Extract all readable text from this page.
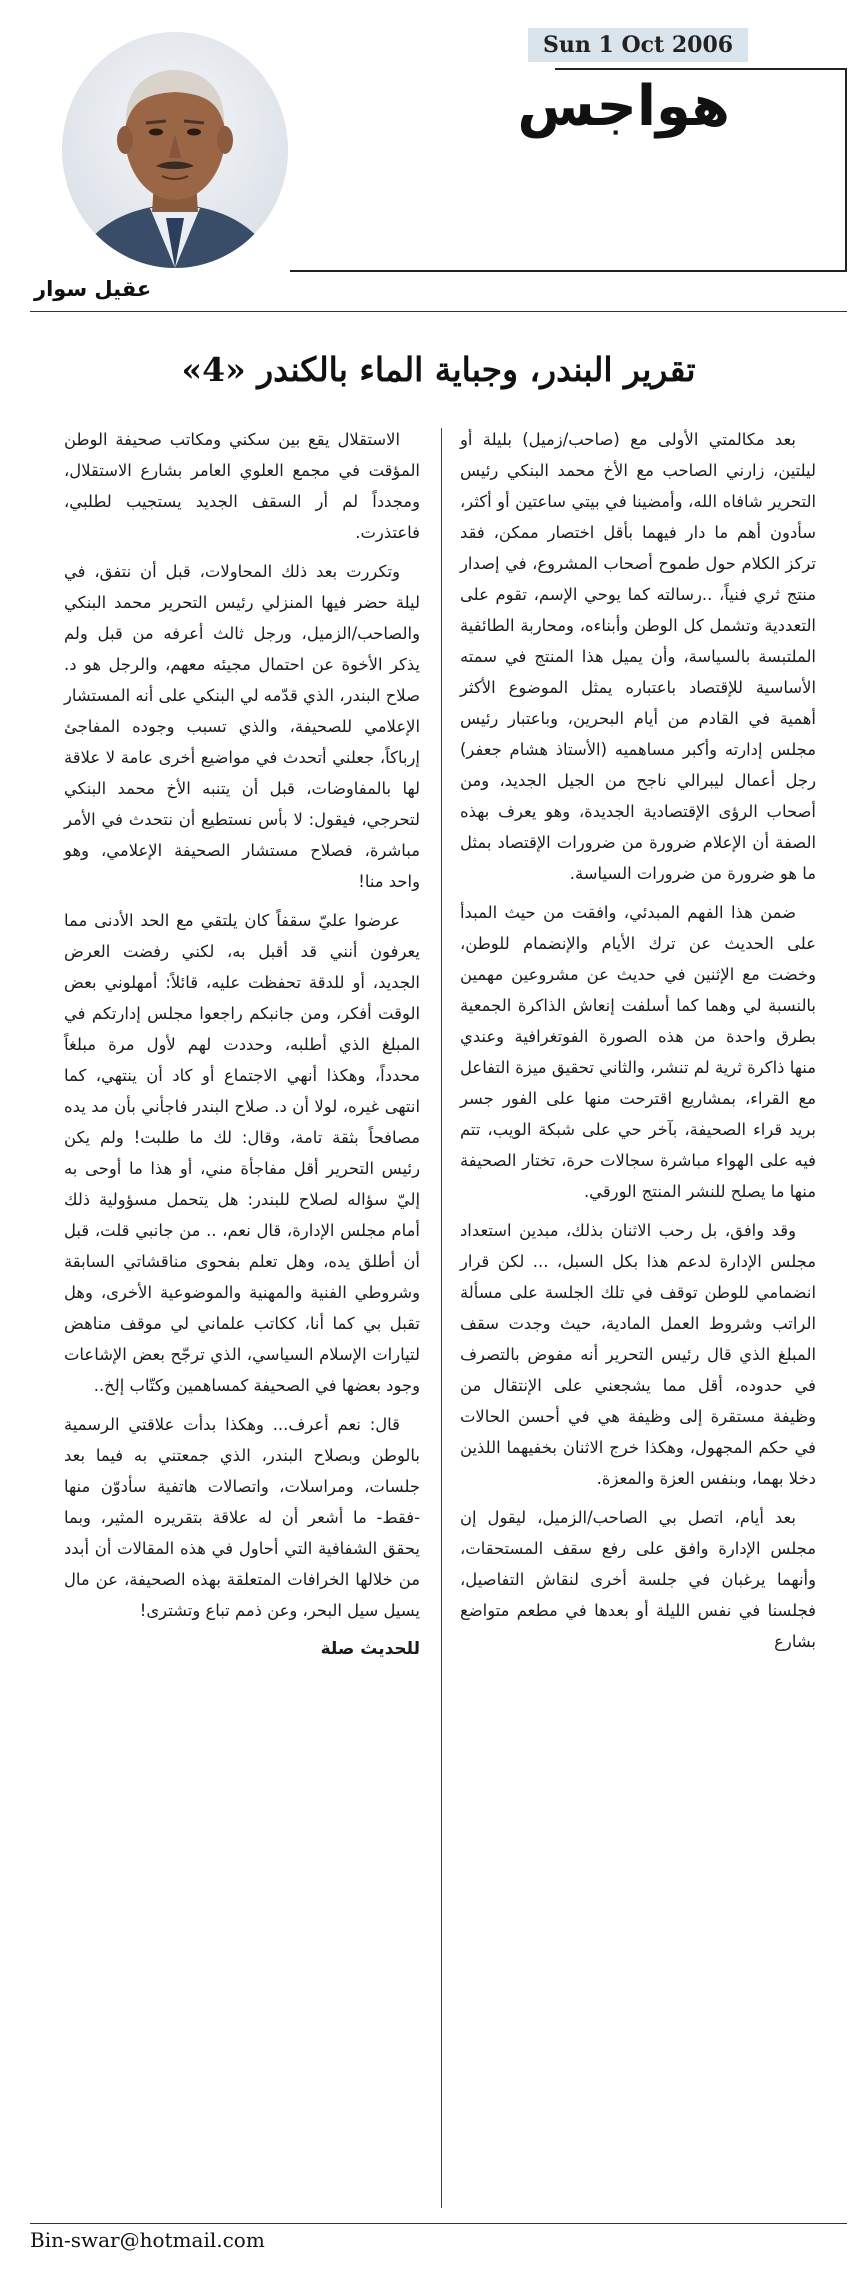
Sun 1 Oct 2006
هواجس
عقيل سوار
تقرير البندر، وجباية الماء بالكندر «4»

بعد مكالمتي الأولى مع (صاحب/زميل) بليلة أو ليلتين، زارني الصاحب مع الأخ محمد البنكي رئيس التحرير شافاه الله، وأمضينا في بيتي ساعتين أو أكثر، سأدون أهم ما دار فيهما بأقل اختصار ممكن، فقد تركز الكلام حول طموح أصحاب المشروع، في إصدار منتج ثري فنياً، ..رسالته كما يوحي الإسم، تقوم على التعددية وتشمل كل الوطن وأبناءه، ومحاربة الطائفية الملتبسة بالسياسة، وأن يميل هذا المنتج في سمته الأساسية للإقتصاد باعتباره يمثل الموضوع الأكثر أهمية في القادم من أيام البحرين، وباعتبار رئيس مجلس إدارته وأكبر مساهميه (الأستاذ هشام جعفر) رجل أعمال ليبرالي ناجح من الجيل الجديد، ومن أصحاب الرؤى الإقتصادية الجديدة، وهو يعرف بهذه الصفة أن الإعلام ضرورة من ضرورات الإقتصاد بمثل ما هو ضرورة من ضرورات السياسة.

ضمن هذا الفهم المبدئي، وافقت من حيث المبدأ على الحديث عن ترك الأيام والإنضمام للوطن، وخضت مع الإثنين في حديث عن مشروعين مهمين بالنسبة لي وهما كما أسلفت إنعاش الذاكرة الجمعية بطرق واحدة من هذه الصورة الفوتغرافية وعندي منها ذاكرة ثرية لم تنشر، والثاني تحقيق ميزة التفاعل مع القراء، بمشاريع اقترحت منها على الفور جسر بريد قراء الصحيفة، بآخر حي على شبكة الويب، تتم فيه على الهواء مباشرة سجالات حرة، تختار الصحيفة منها ما يصلح للنشر المنتج الورقي.

وقد وافق، بل رحب الاثنان بذلك، مبدين استعداد مجلس الإدارة لدعم هذا بكل السبل، ... لكن قرار انضمامي للوطن توقف في تلك الجلسة على مسألة الراتب وشروط العمل المادية، حيث وجدت سقف المبلغ الذي قال رئيس التحرير أنه مفوض بالتصرف في حدوده، أقل مما يشجعني على الإنتقال من وظيفة مستقرة إلى وظيفة هي في أحسن الحالات في حكم المجهول، وهكذا خرج الاثنان بخفيهما اللذين دخلا بهما، وبنفس العزة والمعزة.

بعد أيام، اتصل بي الصاحب/الزميل، ليقول إن مجلس الإدارة وافق على رفع سقف المستحقات، وأنهما يرغبان في جلسة أخرى لنقاش التفاصيل، فجلسنا في نفس الليلة أو بعدها في مطعم متواضع بشارع

الاستقلال يقع بين سكني ومكاتب صحيفة الوطن المؤقت في مجمع العلوي العامر بشارع الاستقلال، ومجدداً لم أر السقف الجديد يستجيب لطلبي، فاعتذرت.

وتكررت بعد ذلك المحاولات، قبل أن نتفق، في ليلة حضر فيها المنزلي رئيس التحرير محمد البنكي والصاحب/الزميل، ورجل ثالث أعرفه من قبل ولم يذكر الأخوة عن احتمال مجيئه معهم، والرجل هو د. صلاح البندر، الذي قدّمه لي البنكي على أنه المستشار الإعلامي للصحيفة، والذي تسبب وجوده المفاجئ إرباكاً، جعلني أتحدث في مواضيع أخرى عامة لا علاقة لها بالمفاوضات، قبل أن يتنبه الأخ محمد البنكي لتحرجي، فيقول: لا بأس نستطيع أن نتحدث في الأمر مباشرة، فصلاح مستشار الصحيفة الإعلامي، وهو واحد منا!

عرضوا عليّ سقفاً كان يلتقي مع الحد الأدنى مما يعرفون أنني قد أقبل به، لكني رفضت العرض الجديد، أو للدقة تحفظت عليه، قائلاً: أمهلوني بعض الوقت أفكر، ومن جانبكم راجعوا مجلس إدارتكم في المبلغ الذي أطلبه، وحددت لهم لأول مرة مبلغاً محدداً، وهكذا أنهي الاجتماع أو كاد أن ينتهي، كما انتهى غيره، لولا أن د. صلاح البندر فاجأني بأن مد يده مصافحاً بثقة تامة، وقال: لك ما طلبت! ولم يكن رئيس التحرير أقل مفاجأة مني، أو هذا ما أوحى به إليّ سؤاله لصلاح للبندر: هل يتحمل مسؤولية ذلك أمام مجلس الإدارة، قال نعم، .. من جانبي قلت، قبل أن أطلق يده، وهل تعلم بفحوى مناقشاتي السابقة وشروطي الفنية والمهنية والموضوعية الأخرى، وهل تقبل بي كما أنا، ككاتب علماني لي موقف مناهض لتيارات الإسلام السياسي، الذي ترجّح بعض الإشاعات وجود بعضها في الصحيفة كمساهمين وكتّاب إلخ..

قال: نعم أعرف... وهكذا بدأت علاقتي الرسمية بالوطن وبصلاح البندر، الذي جمعتني به فيما بعد جلسات، ومراسلات، واتصالات هاتفية سأدوّن منها -فقط- ما أشعر أن له علاقة بتقريره المثير، وبما يحقق الشفافية التي أحاول في هذه المقالات أن أبدد من خلالها الخرافات المتعلقة بهذه الصحيفة، عن مال يسيل سيل البحر، وعن ذمم تباع وتشترى!

للحديث صلة

Bin-swar@hotmail.com
